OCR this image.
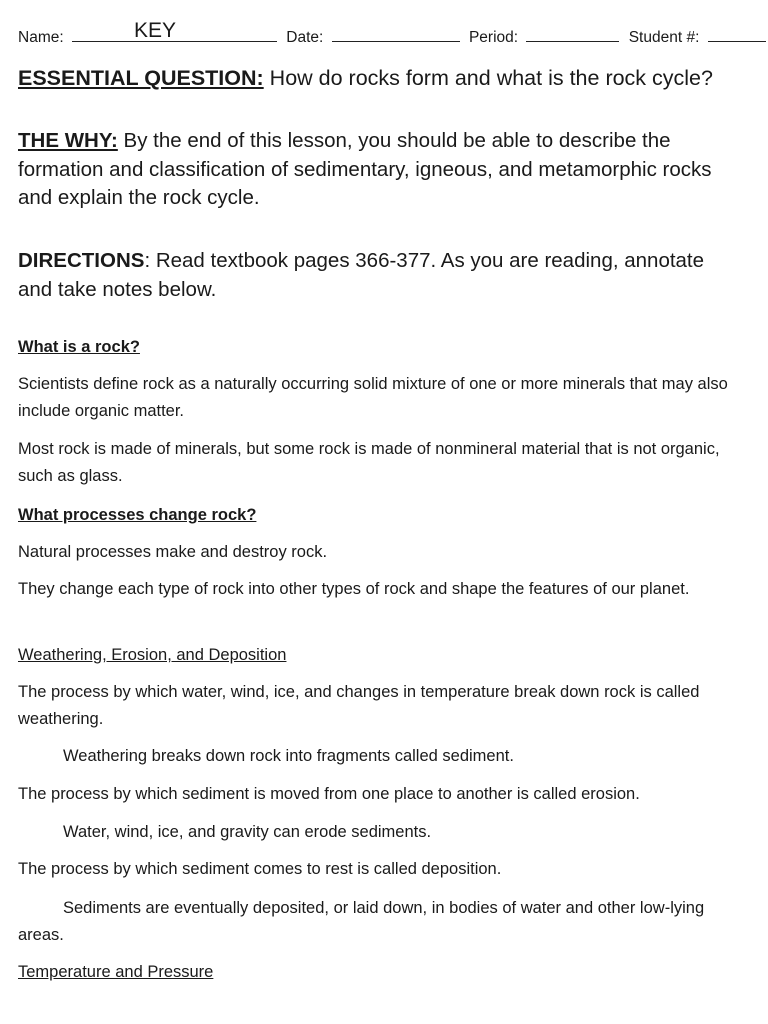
Name:	KEY	Date:	Period:	Student #:
ESSENTIAL QUESTION: How do rocks form and what is the rock cycle?
THE WHY: By the end of this lesson, you should be able to describe the formation and classification of sedimentary, igneous, and metamorphic rocks and explain the rock cycle.
DIRECTIONS: Read textbook pages 366-377. As you are reading, annotate and take notes below.
What is a rock?
Scientists define rock as a naturally occurring solid mixture of one or more minerals that may also include organic matter.
Most rock is made of minerals, but some rock is made of nonmineral material that is not organic, such as glass.
What processes change rock?
Natural processes make and destroy rock.
They change each type of rock into other types of rock and shape the features of our planet.
Weathering, Erosion, and Deposition
The process by which water, wind, ice, and changes in temperature break down rock is called weathering.
Weathering breaks down rock into fragments called sediment.
The process by which sediment is moved from one place to another is called erosion.
Water, wind, ice, and gravity can erode sediments.
The process by which sediment comes to rest is called deposition.
Sediments are eventually deposited, or laid down, in bodies of water and other low-lying areas.
Temperature and Pressure
